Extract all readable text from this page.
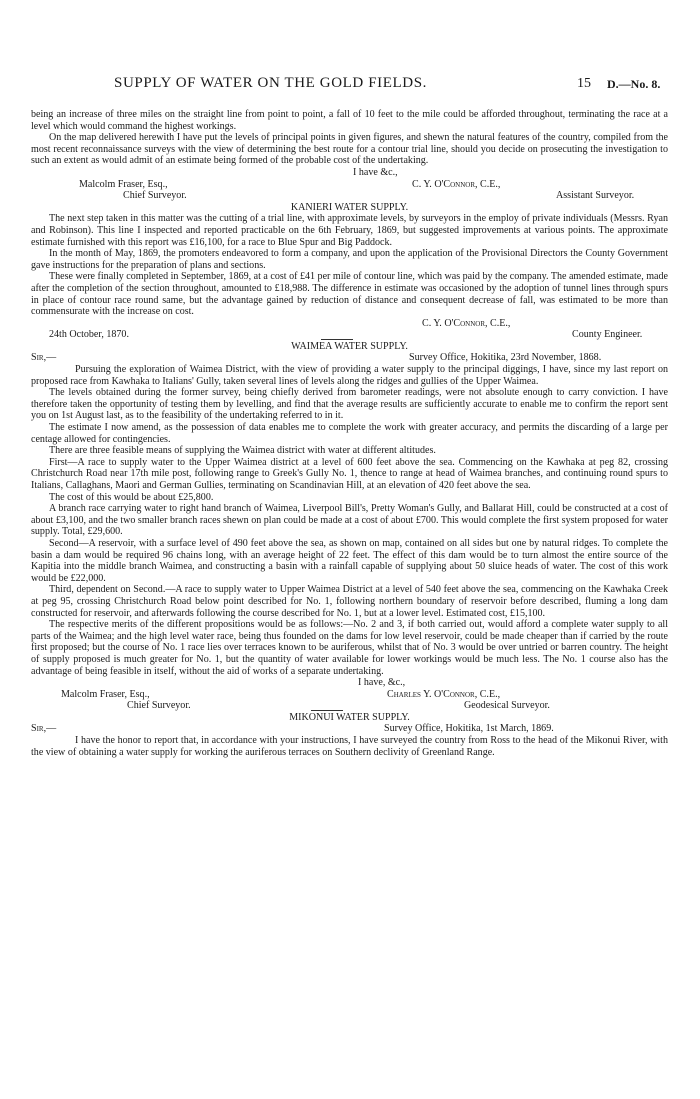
SUPPLY OF WATER ON THE GOLD FIELDS.	15 D.—No. 8.

being an increase of three miles on the straight line from point to point, a fall of 10 feet to the mile could be afforded throughout, terminating the race at a level which would command the highest workings.

On the map delivered herewith I have put the levels of principal points in given figures, and shewn the natural features of the country, compiled from the most recent reconnaissance surveys with the view of determining the best route for a contour trial line, should you decide on prosecuting the investigation to such an extent as would admit of an estimate being formed of the probable cost of the undertaking.

I have &c.,
Malcolm Fraser, Esq.,	C. Y. O'Connor, C.E.,
Chief Surveyor.	Assistant Surveyor.
KANIERI WATER SUPPLY.

The next step taken in this matter was the cutting of a trial line, with approximate levels, by surveyors in the employ of private individuals (Messrs. Ryan and Robinson). This line I inspected and reported practicable on the 6th February, 1869, but suggested improvements at various points. The approximate estimate furnished with this report was £16,100, for a race to Blue Spur and Big Paddock.

In the month of May, 1869, the promoters endeavored to form a company, and upon the application of the Provisional Directors the County Government gave instructions for the preparation of plans and sections.

These were finally completed in September, 1869, at a cost of £41 per mile of contour line, which was paid by the company. The amended estimate, made after the completion of the section throughout, amounted to £18,988. The difference in estimate was occasioned by the adoption of tunnel lines through spurs in place of contour race round same, but the advantage gained by reduction of distance and consequent decrease of fall, was estimated to be more than commensurate with the increase on cost.

C. Y. O'Connor, C.E.,
24th October, 1870.	County Engineer.
WAIMEA WATER SUPPLY.
Sir,—	Survey Office, Hokitika, 23rd November, 1868.

Pursuing the exploration of Waimea District, with the view of providing a water supply to the principal diggings, I have, since my last report on proposed race from Kawhaka to Italians' Gully, taken several lines of levels along the ridges and gullies of the Upper Waimea.

The levels obtained during the former survey, being chiefly derived from barometer readings, were not absolute enough to carry conviction. I have therefore taken the opportunity of testing them by levelling, and find that the average results are sufficiently accurate to enable me to confirm the report sent you on 1st August last, as to the feasibility of the undertaking referred to in it.

The estimate I now amend, as the possession of data enables me to complete the work with greater accuracy, and permits the discarding of a large per centage allowed for contingencies.

There are three feasible means of supplying the Waimea district with water at different altitudes.

First—A race to supply water to the Upper Waimea district at a level of 600 feet above the sea. Commencing on the Kawhaka at peg 82, crossing Christchurch Road near 17th mile post, following range to Greek's Gully No. 1, thence to range at head of Waimea branches, and continuing round spurs to Italians, Callaghans, Maori and German Gullies, terminating on Scandinavian Hill, at an elevation of 420 feet above the sea.

The cost of this would be about £25,800.

A branch race carrying water to right hand branch of Waimea, Liverpool Bill's, Pretty Woman's Gully, and Ballarat Hill, could be constructed at a cost of about £3,100, and the two smaller branch races shewn on plan could be made at a cost of about £700. This would complete the first system proposed for water supply. Total, £29,600.

Second—A reservoir, with a surface level of 490 feet above the sea, as shown on map, contained on all sides but one by natural ridges. To complete the basin a dam would be required 96 chains long, with an average height of 22 feet. The effect of this dam would be to turn almost the entire source of the Kapitia into the middle branch Waimea, and constructing a basin with a rainfall capable of supplying about 50 sluice heads of water. The cost of this work would be £22,000.

Third, dependent on Second.—A race to supply water to Upper Waimea District at a level of 540 feet above the sea, commencing on the Kawhaka Creek at peg 95, crossing Christchurch Road below point described for No. 1, following northern boundary of reservoir before described, fluming a long dam constructed for reservoir, and afterwards following the course described for No. 1, but at a lower level. Estimated cost, £15,100.

The respective merits of the different propositions would be as follows:—No. 2 and 3, if both carried out, would afford a complete water supply to all parts of the Waimea; and the high level water race, being thus founded on the dams for low level reservoir, could be made cheaper than if carried by the route first proposed; but the course of No. 1 race lies over terraces known to be auriferous, whilst that of No. 3 would be over untried or barren country. The height of supply proposed is much greater for No. 1, but the quantity of water available for lower workings would be much less. The No. 1 course also has the advantage of being feasible in itself, without the aid of works of a separate undertaking.

I have, &c.,
Malcolm Fraser, Esq.,	Charles Y. O'Connor, C.E.,
Chief Surveyor.	Geodesical Surveyor.
MIKONUI WATER SUPPLY.
Sir,—	Survey Office, Hokitika, 1st March, 1869.

I have the honor to report that, in accordance with your instructions, I have surveyed the country from Ross to the head of the Mikonui River, with the view of obtaining a water supply for working the auriferous terraces on Southern declivity of Greenland Range.
